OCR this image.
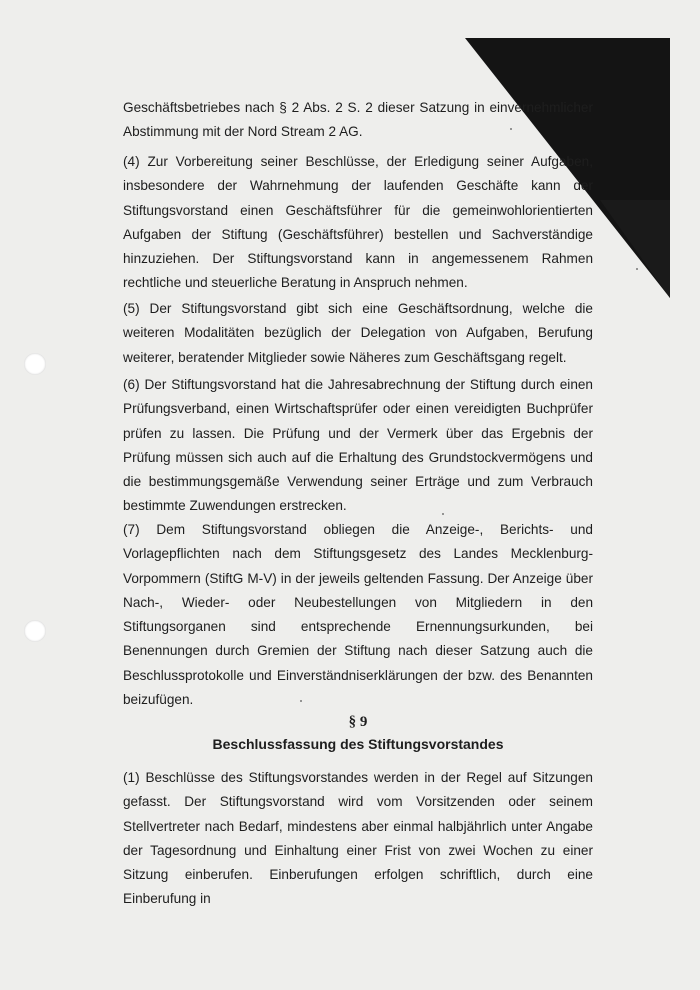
Geschäftsbetriebes nach § 2 Abs. 2 S. 2 dieser Satzung in einvernehmlicher Abstimmung mit der Nord Stream 2 AG.

(4) Zur Vorbereitung seiner Beschlüsse, der Erledigung seiner Aufgaben, insbesondere der Wahrnehmung der laufenden Geschäfte kann der Stiftungsvorstand einen Geschäftsführer für die gemeinwohlorientierten Aufgaben der Stiftung (Geschäftsführer) bestellen und Sachverständige hinzuziehen. Der Stiftungsvorstand kann in angemessenem Rahmen rechtliche und steuerliche Beratung in Anspruch nehmen.

(5) Der Stiftungsvorstand gibt sich eine Geschäftsordnung, welche die weiteren Modalitäten bezüglich der Delegation von Aufgaben, Berufung weiterer, beratender Mitglieder sowie Näheres zum Geschäftsgang regelt.

(6) Der Stiftungsvorstand hat die Jahresabrechnung der Stiftung durch einen Prüfungsverband, einen Wirtschaftsprüfer oder einen vereidigten Buchprüfer prüfen zu lassen. Die Prüfung und der Vermerk über das Ergebnis der Prüfung müssen sich auch auf die Erhaltung des Grundstockvermögens und die bestimmungsgemäße Verwendung seiner Erträge und zum Verbrauch bestimmte Zuwendungen erstrecken.

(7) Dem Stiftungsvorstand obliegen die Anzeige-, Berichts- und Vorlagepflichten nach dem Stiftungsgesetz des Landes Mecklenburg-Vorpommern (StiftG M-V) in der jeweils geltenden Fassung. Der Anzeige über Nach-, Wieder- oder Neubestellungen von Mitgliedern in den Stiftungsorganen sind entsprechende Ernennungsurkunden, bei Benennungen durch Gremien der Stiftung nach dieser Satzung auch die Beschlussprotokolle und Einverständniserklärungen der bzw. des Benannten beizufügen.

§ 9

Beschlussfassung des Stiftungsvorstandes

(1) Beschlüsse des Stiftungsvorstandes werden in der Regel auf Sitzungen gefasst. Der Stiftungsvorstand wird vom Vorsitzenden oder seinem Stellvertreter nach Bedarf, mindestens aber einmal halbjährlich unter Angabe der Tagesordnung und Einhaltung einer Frist von zwei Wochen zu einer Sitzung einberufen. Einberufungen erfolgen schriftlich, durch eine Einberufung in
